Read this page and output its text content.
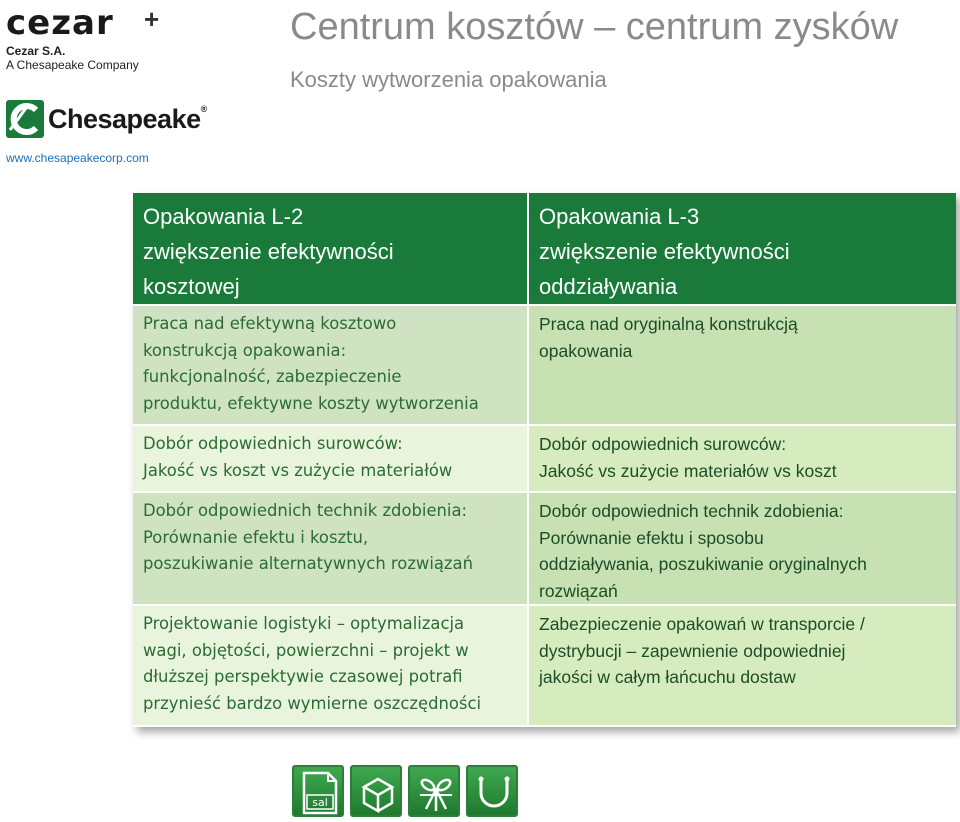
cezar	+
Cezar S.A.
A Chesapeake Company
Chesapeake®
www.chesapeakecorp.com
Centrum kosztów – centrum zysków
Koszty wytworzenia opakowania
Opakowania L-2
zwiększenie efektywności
kosztowej
Opakowania L-3
zwiększenie efektywności
oddziaływania
Praca nad efektywną kosztowo
konstrukcją opakowania:
funkcjonalność, zabezpieczenie
produktu, efektywne koszty wytworzenia
Praca nad oryginalną konstrukcją
opakowania
Dobór odpowiednich surowców:
Jakość vs koszt vs zużycie materiałów
Dobór odpowiednich surowców:
Jakość vs zużycie materiałów vs koszt
Dobór odpowiednich technik zdobienia:
Porównanie efektu i kosztu,
poszukiwanie alternatywnych rozwiązań
Dobór odpowiednich technik zdobienia:
Porównanie efektu i sposobu
oddziaływania, poszukiwanie oryginalnych
rozwiązań
Projektowanie logistyki – optymalizacja
wagi, objętości, powierzchni – projekt w
dłuższej perspektywie czasowej potrafi
przynieść bardzo wymierne oszczędności
Zabezpieczenie opakowań w transporcie /
dystrybucji – zapewnienie odpowiedniej
jakości w całym łańcuchu dostaw
sal
